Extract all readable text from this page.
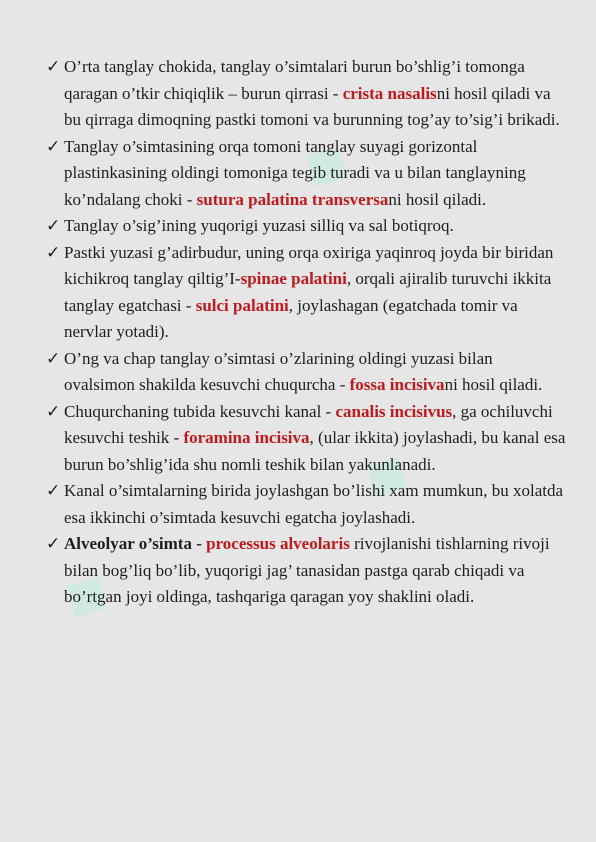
◆
◆
◆
✓ O’rta tanglay chokida, tanglay o’simtalari burun bo’shlig’i tomonga qaragan o’tkir chiqiqlik – burun qirrasi - crista nasalisni hosil qiladi va bu qirraga dimoqning pastki tomoni va burunning tog’ay to’sig’i brikadi.
✓ Tanglay o’simtasining orqa tomoni tanglay suyagi gorizontal plastinkasining oldingi tomoniga tegib turadi va u bilan tanglayning ko’ndalang choki - sutura palatina transversani hosil qiladi.
✓ Tanglay o’sig’ining yuqorigi yuzasi silliq va sal botiqroq.
✓ Pastki yuzasi g’adirbudur, uning orqa oxiriga yaqinroq joyda bir biridan kichikroq tanglay qiltig’I-spinae palatini, orqali ajiralib turuvchi ikkita tanglay egatchasi - sulci palatini, joylashagan (egatchada tomir va nervlar yotadi).
✓ O’ng va chap tanglay o’simtasi o’zlarining oldingi yuzasi bilan ovalsimon shakilda kesuvchi chuqurcha - fossa incisivani hosil qiladi.
✓ Chuqurchaning tubida kesuvchi kanal - canalis incisivus, ga ochiluvchi kesuvchi teshik - foramina incisiva, (ular ikkita) joylashadi, bu kanal esa burun bo’shlig’ida shu nomli teshik bilan yakunlanadi.
✓ Kanal o’simtalarning birida joylashgan bo’lishi xam mumkun, bu xolatda esa ikkinchi o’simtada kesuvchi egatcha joylashadi.
✓ Alveolyar o’simta - processus alveolaris rivojlanishi tishlarning rivoji bilan bog’liq bo’lib, yuqorigi jag’ tanasidan pastga qarab chiqadi va bo’rtgan joyi oldinga, tashqariga qaragan yoy shaklini oladi.
